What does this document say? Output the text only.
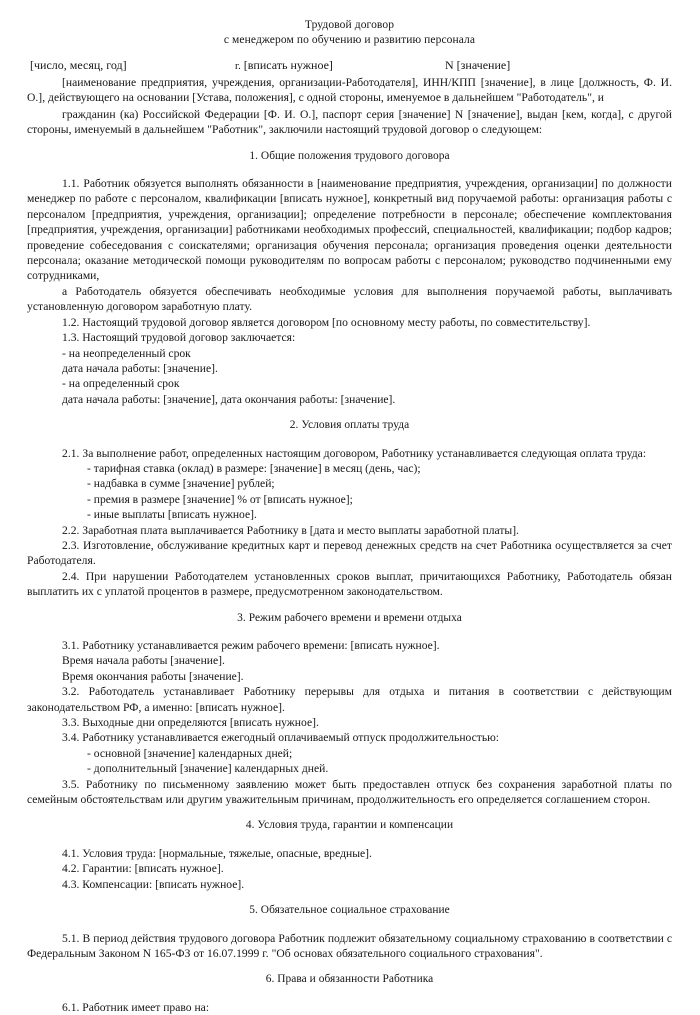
Трудовой договор
с менеджером по обучению и развитию персонала
[число, месяц, год]	г. [вписать нужное]	N [значение]

[наименование предприятия, учреждения, организации-Работодателя], ИНН/КПП [значение], в лице [должность, Ф. И. О.], действующего на основании [Устава, положения], с одной стороны, именуемое в дальнейшем "Работодатель", и

гражданин (ка) Российской Федерации [Ф. И. О.], паспорт серия [значение] N [значение], выдан [кем, когда], с другой стороны, именуемый в дальнейшем "Работник", заключили настоящий трудовой договор о следующем:

1. Общие положения трудового договора

1.1. Работник обязуется выполнять обязанности в [наименование предприятия, учреждения, организации] по должности менеджер по работе с персоналом, квалификации [вписать нужное], конкретный вид поручаемой работы: организация работы с персоналом [предприятия, учреждения, организации]; определение потребности в персонале; обеспечение комплектования [предприятия, учреждения, организации] работниками необходимых профессий, специальностей, квалификации; подбор кадров; проведение собеседования с соискателями; организация обучения персонала; организация проведения оценки деятельности персонала; оказание методической помощи руководителям по вопросам работы с персоналом; руководство подчиненными ему сотрудниками,

а Работодатель обязуется обеспечивать необходимые условия для выполнения поручаемой работы, выплачивать установленную договором заработную плату.

1.2. Настоящий трудовой договор является договором [по основному месту работы, по совместительству].

1.3. Настоящий трудовой договор заключается:

- на неопределенный срок

дата начала работы: [значение].

- на определенный срок

дата начала работы: [значение], дата окончания работы: [значение].

2. Условия оплаты труда

2.1. За выполнение работ, определенных настоящим договором, Работнику устанавливается следующая оплата труда:

- тарифная ставка (оклад) в размере: [значение] в месяц (день, час);

- надбавка в сумме [значение] рублей;

- премия в размере [значение] % от [вписать нужное];

- иные выплаты [вписать нужное].

2.2. Заработная плата выплачивается Работнику в [дата и место выплаты заработной платы].

2.3. Изготовление, обслуживание кредитных карт и перевод денежных средств на счет Работника осуществляется за счет Работодателя.

2.4. При нарушении Работодателем установленных сроков выплат, причитающихся Работнику, Работодатель обязан выплатить их с уплатой процентов в размере, предусмотренном законодательством.

3. Режим рабочего времени и времени отдыха

3.1. Работнику устанавливается режим рабочего времени: [вписать нужное].

Время начала работы [значение].

Время окончания работы [значение].

3.2. Работодатель устанавливает Работнику перерывы для отдыха и питания в соответствии с действующим законодательством РФ, а именно: [вписать нужное].

3.3. Выходные дни определяются [вписать нужное].

3.4. Работнику устанавливается ежегодный оплачиваемый отпуск продолжительностью:

- основной [значение] календарных дней;

- дополнительный [значение] календарных дней.

3.5. Работнику по письменному заявлению может быть предоставлен отпуск без сохранения заработной платы по семейным обстоятельствам или другим уважительным причинам, продолжительность его определяется соглашением сторон.

4. Условия труда, гарантии и компенсации

4.1. Условия труда: [нормальные, тяжелые, опасные, вредные].

4.2. Гарантии: [вписать нужное].

4.3. Компенсации: [вписать нужное].

5. Обязательное социальное страхование

5.1. В период действия трудового договора Работник подлежит обязательному социальному страхованию в соответствии с Федеральным Законом N 165-ФЗ от 16.07.1999 г. "Об основах обязательного социального страхования".

6. Права и обязанности Работника

6.1. Работник имеет право на:
